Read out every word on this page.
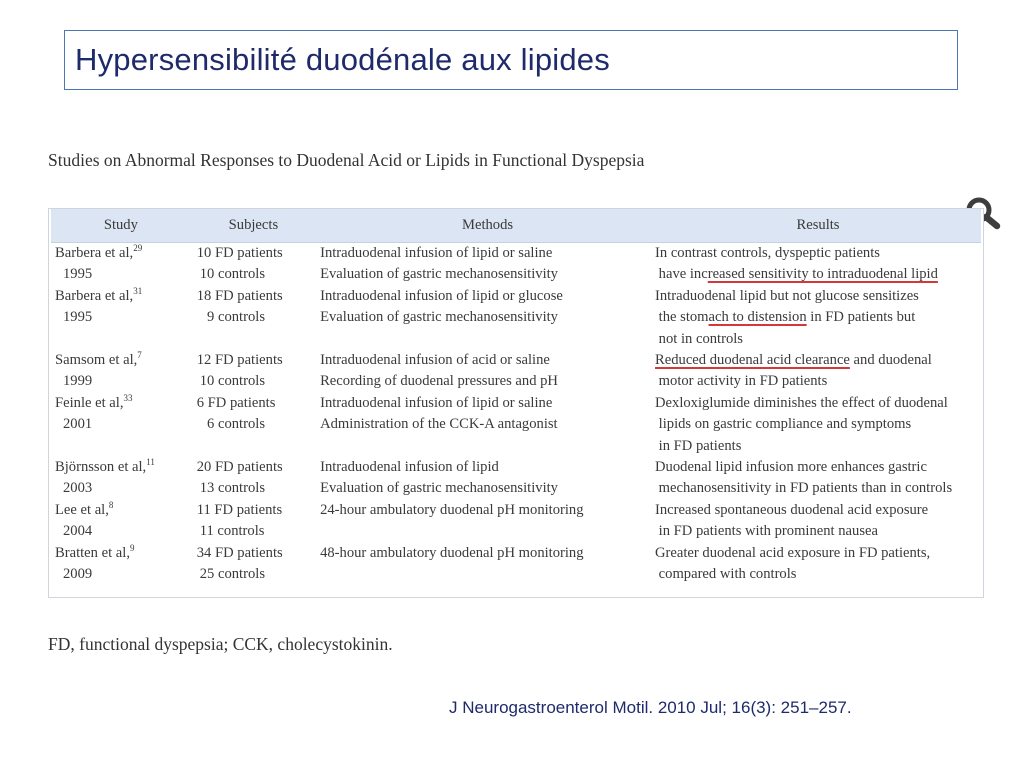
Hypersensibilité duodénale aux lipides
Studies on Abnormal Responses to Duodenal Acid or Lipids in Functional Dyspepsia
Study	Subjects	Methods	Results
Barbera et al,$^{29}$	10 FD patients	Intraduodenal infusion of lipid or saline	In contrast controls, dyspeptic patients
1995	10 controls	Evaluation of gastric mechanosensitivity	have increased sensitivity to intraduodenal lipid
Barbera et al,$^{31}$	18 FD patients	Intraduodenal infusion of lipid or glucose	Intraduodenal lipid but not glucose sensitizes
1995	9 controls	Evaluation of gastric mechanosensitivity	the stomach to distension in FD patients but
			not in controls
Samsom et al,$^7$	12 FD patients	Intraduodenal infusion of acid or saline	Reduced duodenal acid clearance and duodenal
1999	10 controls	Recording of duodenal pressures and pH	motor activity in FD patients
Feinle et al,$^{33}$	6 FD patients	Intraduodenal infusion of lipid or saline	Dexloxiglumide diminishes the effect of duodenal
2001	6 controls	Administration of the CCK-A antagonist	lipids on gastric compliance and symptoms
			in FD patients
Björnsson et al,$^{11}$	20 FD patients	Intraduodenal infusion of lipid	Duodenal lipid infusion more enhances gastric
2003	13 controls	Evaluation of gastric mechanosensitivity	mechanosensitivity in FD patients than in controls
Lee et al,$^8$	11 FD patients	24-hour ambulatory duodenal pH monitoring	Increased spontaneous duodenal acid exposure
2004	11 controls		in FD patients with prominent nausea
Bratten et al,$^9$	34 FD patients	48-hour ambulatory duodenal pH monitoring	Greater duodenal acid exposure in FD patients,
2009	25 controls		compared with controls
FD, functional dyspepsia; CCK, cholecystokinin.
J Neurogastroenterol Motil. 2010 Jul; 16(3): 251–257.
